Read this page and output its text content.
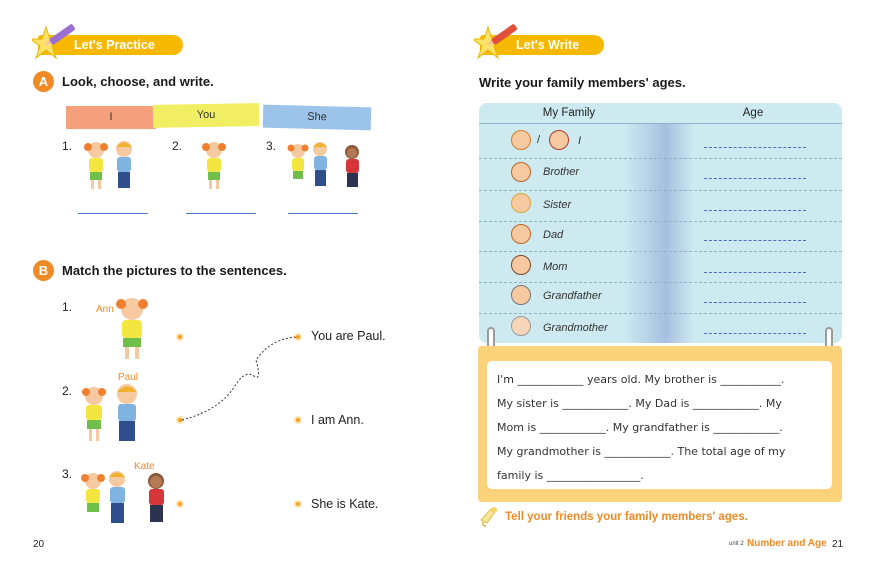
Let's Practice
A	Look, choose, and write.
I	You	She
1.	2.	3.
B	Match the pictures to the sentences.
1.
2.
3.
Ann
Paul
Kate
You are Paul.
I am Ann.
She is Kate.
20
Let's Write
Write your family members' ages.
My Family	Age
/	I
Brother
Sister
Dad
Mom
Grandfather
Grandmother
I'm ____________ years old. My brother is ___________.
My sister is ____________. My Dad is ____________. My
Mom is ____________. My grandfather is ____________.
My grandmother is ____________. The total age of my
family is _________________.
Tell your friends your family members' ages.
unit 2 Number and Age 21
